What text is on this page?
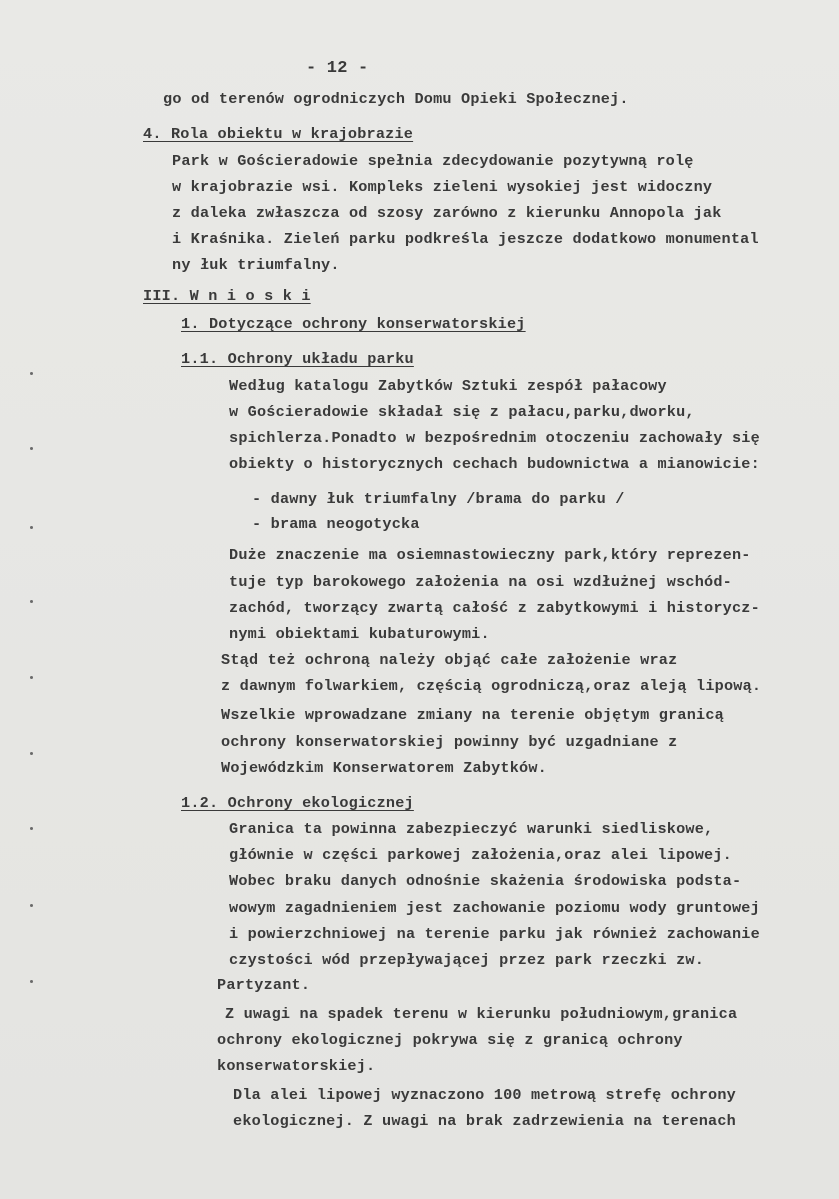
- 12 -
go od terenów ogrodniczych Domu Opieki Społecznej.
4. Rola obiektu w krajobrazie
Park w Gościeradowie spełnia zdecydowanie pozytywną rolę
w krajobrazie wsi. Kompleks zieleni wysokiej jest widoczny
z daleka zwłaszcza od szosy zarówno z kierunku Annopola jak
i Kraśnika. Zieleń parku podkreśla jeszcze dodatkowo monumental
ny łuk triumfalny.
III. W n i o s k i
1. Dotyczące ochrony konserwatorskiej
1.1. Ochrony układu parku
Według katalogu Zabytków Sztuki zespół pałacowy
w Gościeradowie składał się z pałacu,parku,dworku,
spichlerza.Ponadto w bezpośrednim otoczeniu zachowały się
obiekty o historycznych cechach budownictwa a mianowicie:
- dawny łuk triumfalny /brama do parku /
- brama neogotycka
Duże znaczenie ma osiemnastowieczny park,który reprezen-
tuje typ barokowego założenia na osi wzdłużnej wschód-
zachód, tworzący zwartą całość z zabytkowymi i historycz-
nymi obiektami kubaturowymi.
Stąd też ochroną należy objąć całe założenie wraz
z dawnym folwarkiem, częścią ogrodniczą,oraz aleją lipową.
Wszelkie wprowadzane zmiany na terenie objętym granicą
ochrony konserwatorskiej powinny być uzgadniane z
Wojewódzkim Konserwatorem Zabytków.
1.2. Ochrony ekologicznej
Granica ta powinna zabezpieczyć warunki siedliskowe,
głównie w części parkowej założenia,oraz alei lipowej.
Wobec braku danych odnośnie skażenia środowiska podsta-
wowym zagadnieniem jest zachowanie poziomu wody gruntowej
i powierzchniowej na terenie parku jak również zachowanie
czystości wód przepływającej przez park rzeczki zw.
Partyzant.
Z uwagi na spadek terenu w kierunku południowym,granica
ochrony ekologicznej pokrywa się z granicą ochrony
konserwatorskiej.
Dla alei lipowej wyznaczono 100 metrową strefę ochrony
ekologicznej. Z uwagi na brak zadrzewienia na terenach
